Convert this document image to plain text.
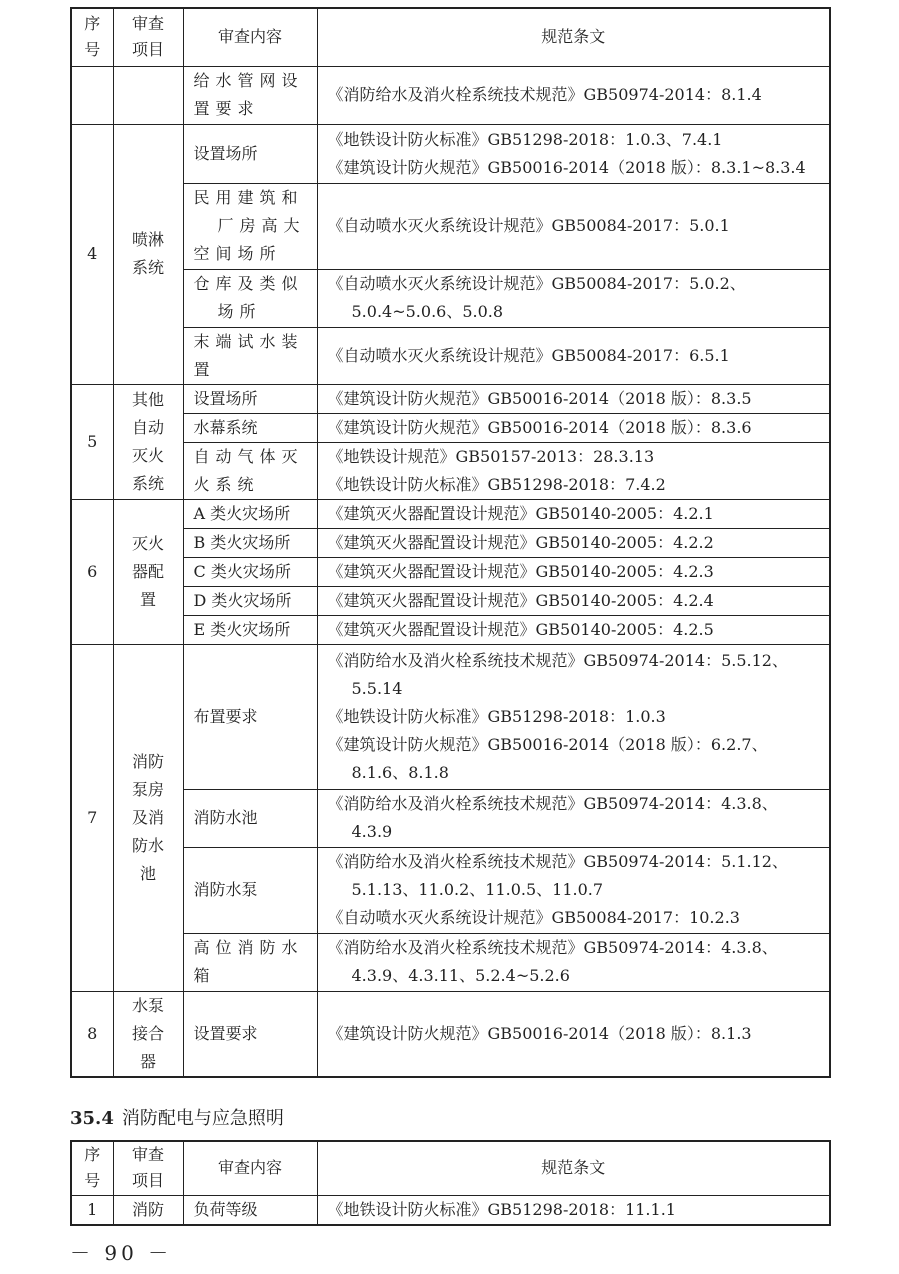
序
号	审查
项目	审查内容	规范条文

		给水管网设
置要求	《消防给水及消火栓系统技术规范》GB50974-2014：8.1.4

4	喷淋
系统	设置场所	《地铁设计防火标准》GB51298-2018：1.0.3、7.4.1
《建筑设计防火规范》GB50016-2014（2018 版）：8.3.1~8.3.4

		民用建筑和
厂房高大
空间场所	《自动喷水灭火系统设计规范》GB50084-2017：5.0.1

		仓库及类似
场所	《自动喷水灭火系统设计规范》GB50084-2017：5.0.2、
5.0.4~5.0.6、5.0.8

		末端试水装
置	《自动喷水灭火系统设计规范》GB50084-2017：6.5.1

5	其他
自动
灭火
系统	设置场所	《建筑设计防火规范》GB50016-2014（2018 版）：8.3.5

		水幕系统	《建筑设计防火规范》GB50016-2014（2018 版）：8.3.6

		自动气体灭
火系统	《地铁设计规范》GB50157-2013：28.3.13
《地铁设计防火标准》GB51298-2018：7.4.2

6	灭火
器配
置	A 类火灾场所	《建筑灭火器配置设计规范》GB50140-2005：4.2.1

		B 类火灾场所	《建筑灭火器配置设计规范》GB50140-2005：4.2.2

		C 类火灾场所	《建筑灭火器配置设计规范》GB50140-2005：4.2.3

		D 类火灾场所	《建筑灭火器配置设计规范》GB50140-2005：4.2.4

		E 类火灾场所	《建筑灭火器配置设计规范》GB50140-2005：4.2.5

7	消防
泵房
及消
防水
池	布置要求	《消防给水及消火栓系统技术规范》GB50974-2014：5.5.12、
5.5.14
《地铁设计防火标准》GB51298-2018：1.0.3
《建筑设计防火规范》GB50016-2014（2018 版）：6.2.7、
8.1.6、8.1.8

		消防水池	《消防给水及消火栓系统技术规范》GB50974-2014：4.3.8、
4.3.9

		消防水泵	《消防给水及消火栓系统技术规范》GB50974-2014：5.1.12、
5.1.13、11.0.2、11.0.5、11.0.7
《自动喷水灭火系统设计规范》GB50084-2017：10.2.3

		高位消防水
箱	《消防给水及消火栓系统技术规范》GB50974-2014：4.3.8、
4.3.9、4.3.11、5.2.4~5.2.6

8	水泵
接合
器	设置要求	《建筑设计防火规范》GB50016-2014（2018 版）：8.1.3
35.4 消防配电与应急照明
序
号	审查
项目	审查内容	规范条文
1	消防	负荷等级	《地铁设计防火标准》GB51298-2018：11.1.1
－ 90 －
